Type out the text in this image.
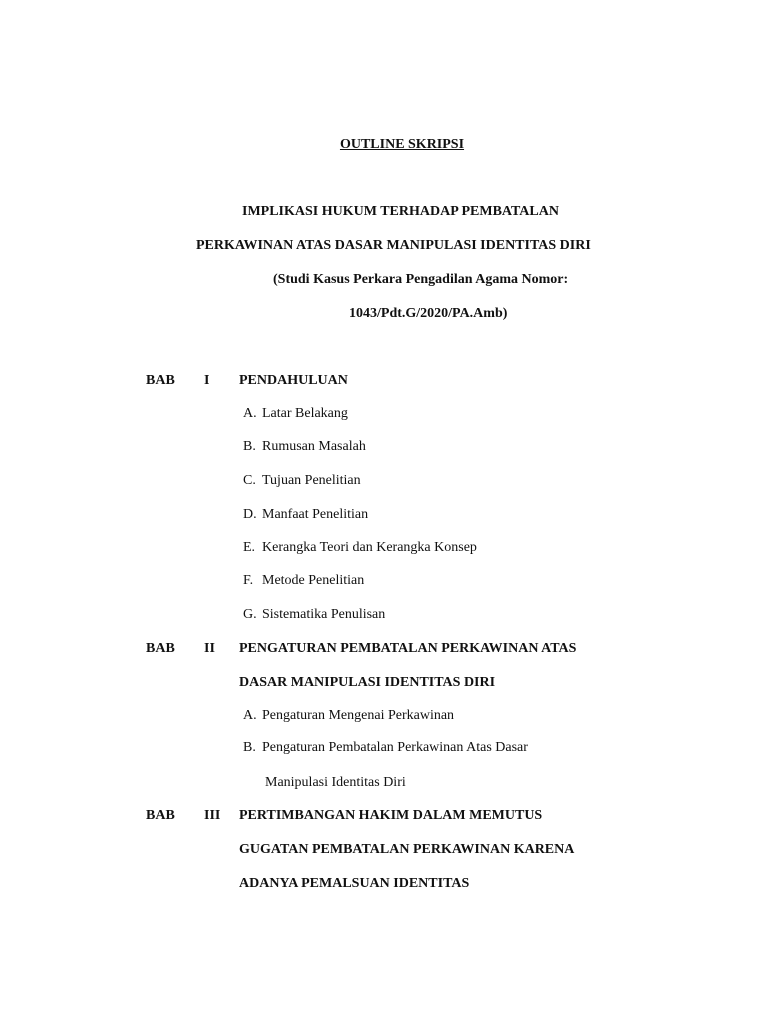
OUTLINE SKRIPSI

IMPLIKASI HUKUM TERHADAP PEMBATALAN

PERKAWINAN ATAS DASAR MANIPULASI IDENTITAS DIRI

(Studi Kasus Perkara Pengadilan Agama Nomor:

1043/Pdt.G/2020/PA.Amb)

BAB I PENDAHULUAN
A. Latar Belakang
B. Rumusan Masalah
C. Tujuan Penelitian
D. Manfaat Penelitian
E. Kerangka Teori dan Kerangka Konsep
F. Metode Penelitian
G. Sistematika Penulisan
BAB II PENGATURAN PEMBATALAN PERKAWINAN ATAS
DASAR MANIPULASI IDENTITAS DIRI
A. Pengaturan Mengenai Perkawinan
B. Pengaturan Pembatalan Perkawinan Atas Dasar
Manipulasi Identitas Diri
BAB III PERTIMBANGAN HAKIM DALAM MEMUTUS
GUGATAN PEMBATALAN PERKAWINAN KARENA
ADANYA PEMALSUAN IDENTITAS
